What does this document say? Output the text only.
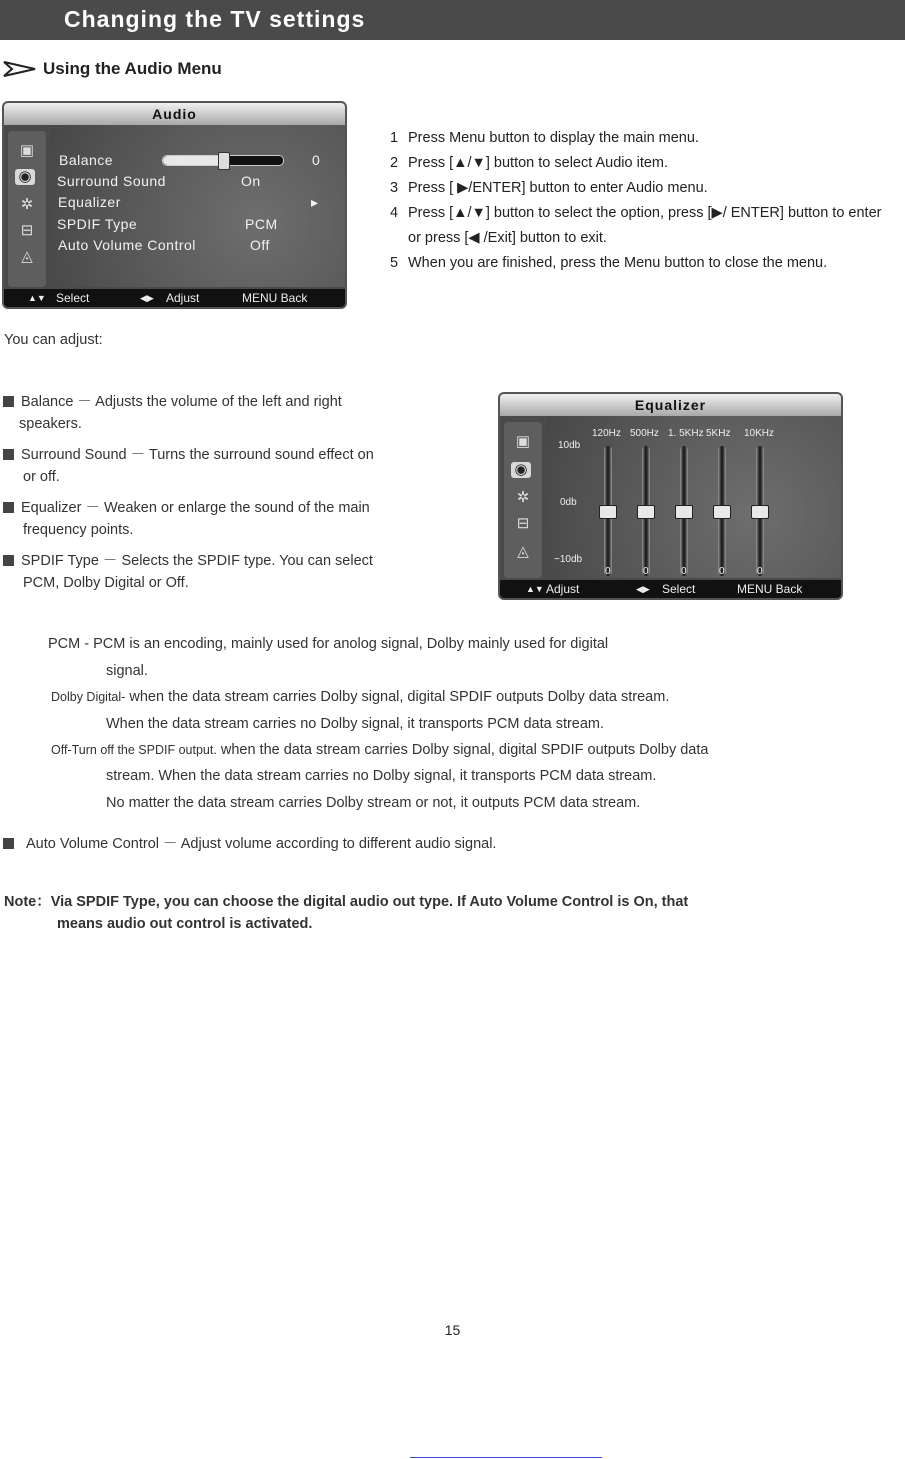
Changing the TV settings
Using the Audio Menu
Audio
▣
◉
✲
⊟
◬
Balance	0
Surround Sound	On
Equalizer	▸
SPDIF Type	PCM
Auto Volume Control	Off
▲▼ Select	◀▶ Adjust	MENU Back
1 Press Menu button to display the main menu.
2 Press [▲/▼] button to select Audio item.
3 Press [ ▶/ENTER] button to enter Audio menu.
4 Press [▲/▼] button to select the option, press [▶/ ENTER] button to enter
or press [◀ /Exit] button to exit.
5 When you are finished, press the Menu button to close the menu.
You can adjust:
Balance － Adjusts the volume of the left and right
speakers.
Surround Sound － Turns the surround sound effect on
or off.
Equalizer － Weaken or enlarge the sound of the main
frequency points.
SPDIF Type － Selects the SPDIF type. You can select
PCM, Dolby Digital or Off.
Equalizer
▣
◉
✲
⊟
◬
10db
0db
−10db
120Hz
0
500Hz
0
1. 5KHz
0
5KHz
0
10KHz
0
▲▼ Adjust	◀▶ Select	MENU Back
PCM - PCM is an encoding, mainly used for anolog signal, Dolby mainly used for digital
signal.
Dolby Digital- when the data stream carries Dolby signal, digital SPDIF outputs Dolby data stream.
When the data stream carries no Dolby signal, it transports PCM data stream.
Off-Turn off the SPDIF output. when the data stream carries Dolby signal, digital SPDIF outputs Dolby data
stream. When the data stream carries no Dolby signal, it transports PCM data stream.
No matter the data stream carries Dolby stream or not, it outputs PCM data stream.
Auto Volume Control － Adjust volume according to different audio signal.
Note：Via SPDIF Type, you can choose the digital audio out type. If Auto Volume Control is On, that
means audio out control is activated.
15
